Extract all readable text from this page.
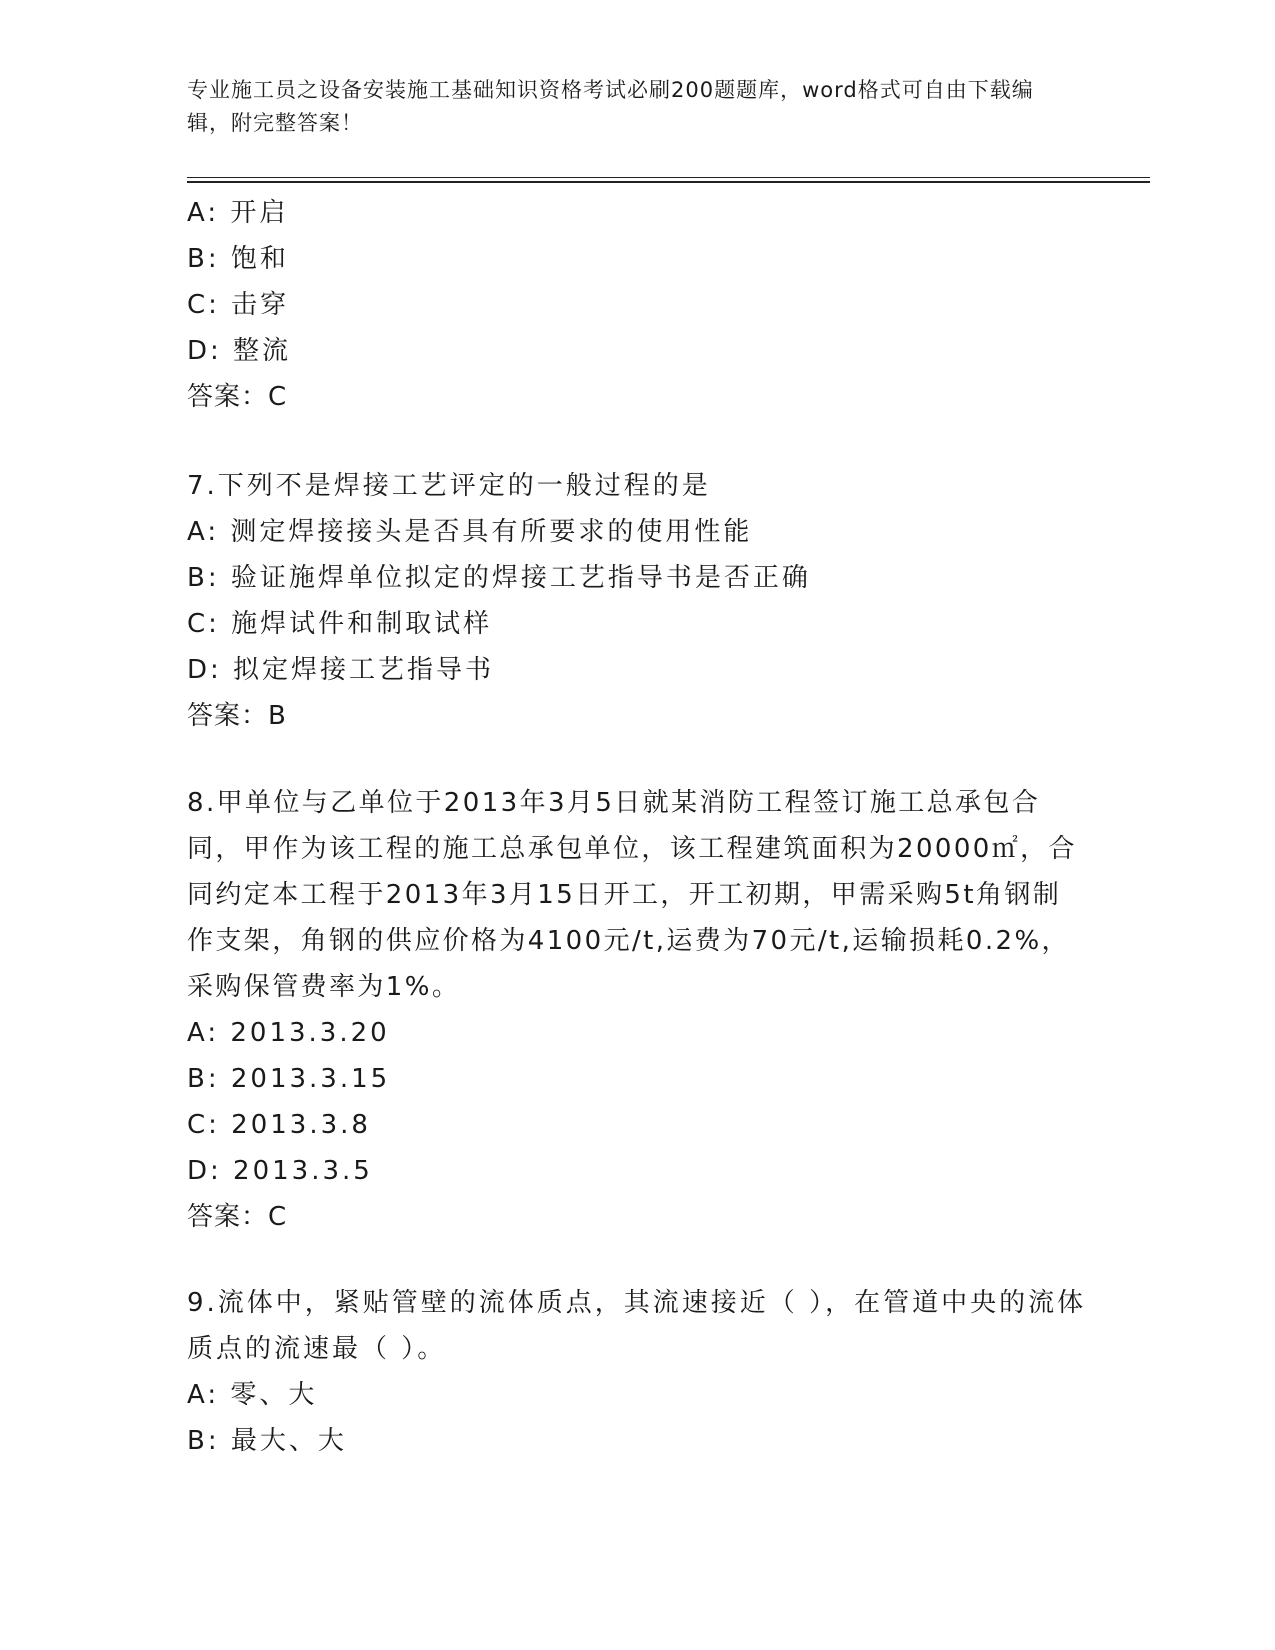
专业施工员之设备安装施工基础知识资格考试必刷200题题库，word格式可自由下载编辑，附完整答案！
A: 开启
B: 饱和
C: 击穿
D: 整流
答案：C
7.下列不是焊接工艺评定的一般过程的是
A: 测定焊接接头是否具有所要求的使用性能
B: 验证施焊单位拟定的焊接工艺指导书是否正确
C: 施焊试件和制取试样
D: 拟定焊接工艺指导书
答案：B
8.甲单位与乙单位于2013年3月5日就某消防工程签订施工总承包合同，甲作为该工程的施工总承包单位，该工程建筑面积为20000㎡，合同约定本工程于2013年3月15日开工，开工初期，甲需采购5t角钢制作支架，角钢的供应价格为4100元/t,运费为70元/t,运输损耗0.2%，采购保管费率为1%。
A: 2013.3.20
B: 2013.3.15
C: 2013.3.8
D: 2013.3.5
答案：C
9.流体中，紧贴管壁的流体质点，其流速接近（ ），在管道中央的流体质点的流速最（ ）。
A: 零、大
B: 最大、大
